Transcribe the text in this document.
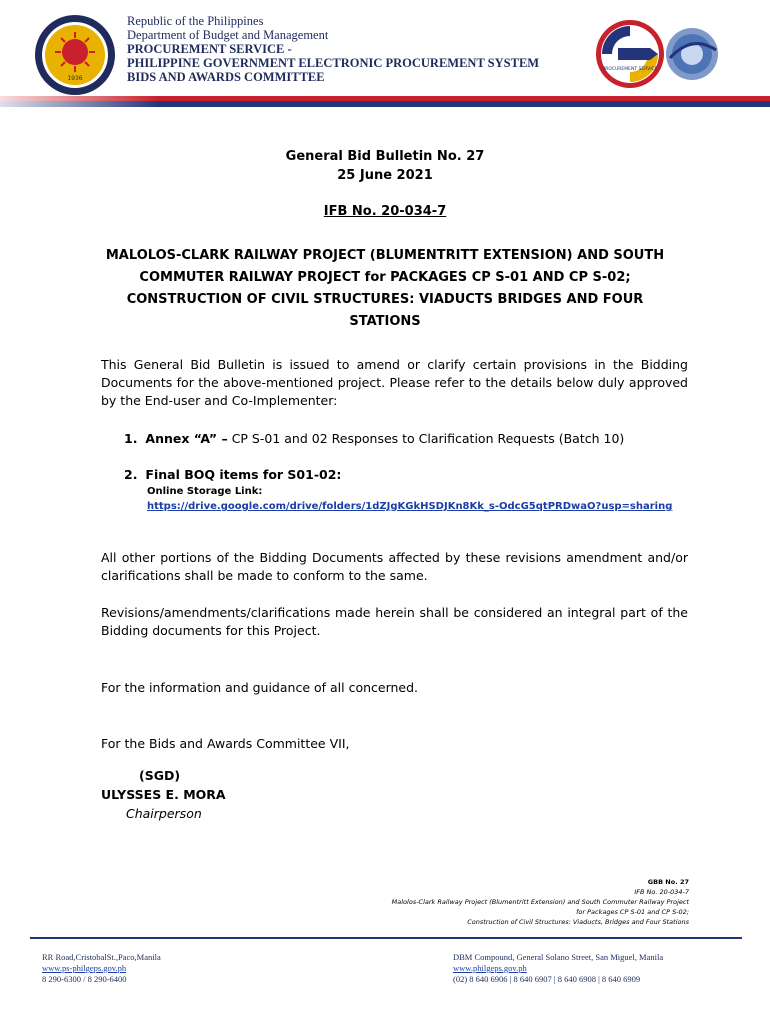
1936
Republic of the Philippines
Department of Budget and Management
PROCUREMENT SERVICE -
PHILIPPINE GOVERNMENT ELECTRONIC PROCUREMENT SYSTEM
BIDS AND AWARDS COMMITTEE
PROCUREMENT SERVICE
General Bid Bulletin No. 27
25 June 2021
IFB No. 20-034-7
MALOLOS-CLARK RAILWAY PROJECT (BLUMENTRITT EXTENSION) AND SOUTH COMMUTER RAILWAY PROJECT for PACKAGES CP S-01 AND CP S-02; CONSTRUCTION OF CIVIL STRUCTURES: VIADUCTS BRIDGES AND FOUR STATIONS
This General Bid Bulletin is issued to amend or clarify certain provisions in the Bidding Documents for the above-mentioned project. Please refer to the details below duly approved by the End-user and Co-Implementer:
1. Annex “A” – CP S-01 and 02 Responses to Clarification Requests (Batch 10)
2. Final BOQ items for S01-02:
Online Storage Link:
https://drive.google.com/drive/folders/1dZJgKGkHSDJKn8Kk_s-OdcG5qtPRDwaO?usp=sharing
All other portions of the Bidding Documents affected by these revisions amendment and/or clarifications shall be made to conform to the same.
Revisions/amendments/clarifications made herein shall be considered an integral part of the Bidding documents for this Project.
For the information and guidance of all concerned.
For the Bids and Awards Committee VII,
(SGD)
ULYSSES E. MORA
Chairperson
GBB No. 27
IFB No. 20-034-7
Malolos-Clark Railway Project (Blumentritt Extension) and South Commuter Railway Project
for Packages CP S-01 and CP S-02;
Construction of Civil Structures: Viaducts, Bridges and Four Stations
RR Road,CristobalSt.,Paco,Manila
www.ps-philgeps.gov.ph
8 290-6300 / 8 290-6400
DBM Compound, General Solano Street, San Miguel, Manila
www.philgeps.gov.ph
(02) 8 640 6906 | 8 640 6907 | 8 640 6908 | 8 640 6909
